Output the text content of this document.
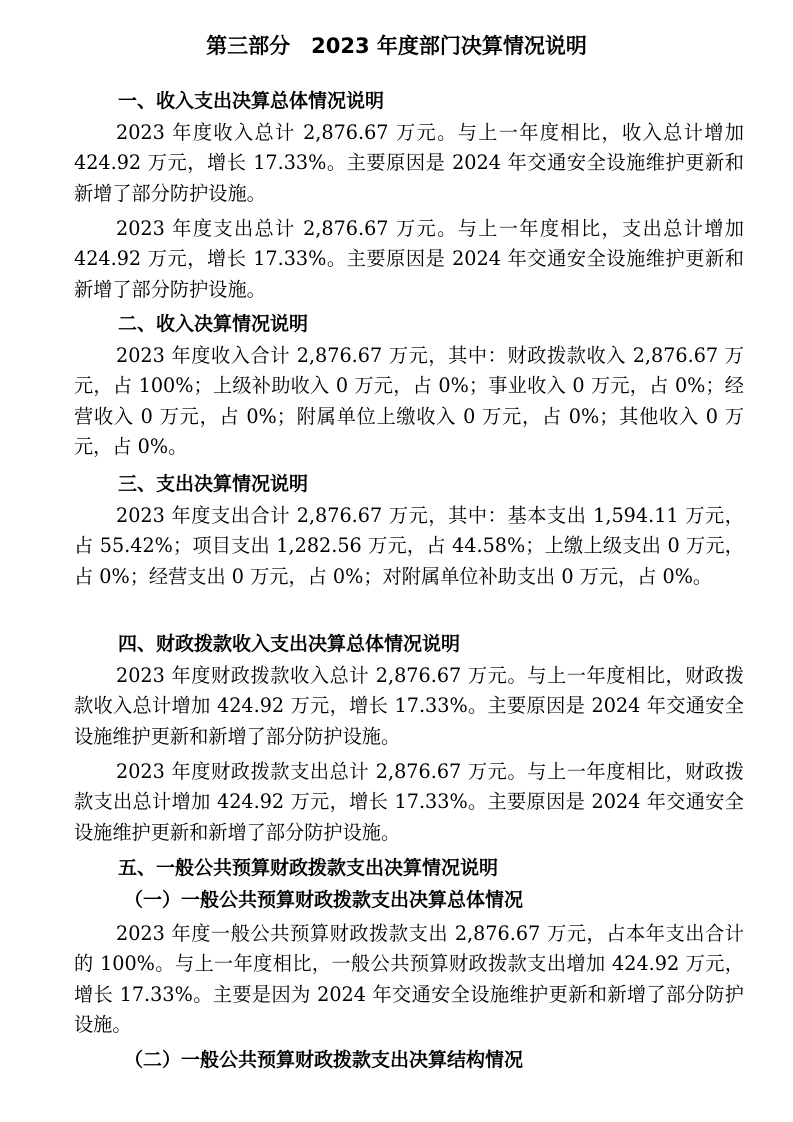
第三部分　2023 年度部门决算情况说明
一、收入支出决算总体情况说明
2023 年度收入总计 2,876.67 万元。与上一年度相比，收入总计增加 424.92 万元，增长 17.33%。主要原因是 2024 年交通安全设施维护更新和新增了部分防护设施。
2023 年度支出总计 2,876.67 万元。与上一年度相比，支出总计增加 424.92 万元，增长 17.33%。主要原因是 2024 年交通安全设施维护更新和新增了部分防护设施。
二、收入决算情况说明
2023 年度收入合计 2,876.67 万元，其中：财政拨款收入 2,876.67 万元，占 100%；上级补助收入 0 万元，占 0%；事业收入 0 万元，占 0%；经营收入 0 万元，占 0%；附属单位上缴收入 0 万元，占 0%；其他收入 0 万元，占 0%。
三、支出决算情况说明
2023 年度支出合计 2,876.67 万元，其中：基本支出 1,594.11 万元，占 55.42%；项目支出 1,282.56 万元，占 44.58%；上缴上级支出 0 万元，占 0%；经营支出 0 万元，占 0%；对附属单位补助支出 0 万元，占 0%。
四、财政拨款收入支出决算总体情况说明
2023 年度财政拨款收入总计 2,876.67 万元。与上一年度相比，财政拨款收入总计增加 424.92 万元，增长 17.33%。主要原因是 2024 年交通安全设施维护更新和新增了部分防护设施。
2023 年度财政拨款支出总计 2,876.67 万元。与上一年度相比，财政拨款支出总计增加 424.92 万元，增长 17.33%。主要原因是 2024 年交通安全设施维护更新和新增了部分防护设施。
五、一般公共预算财政拨款支出决算情况说明
（一）一般公共预算财政拨款支出决算总体情况
2023 年度一般公共预算财政拨款支出 2,876.67 万元，占本年支出合计的 100%。与上一年度相比，一般公共预算财政拨款支出增加 424.92 万元，增长 17.33%。主要是因为 2024 年交通安全设施维护更新和新增了部分防护设施。
（二）一般公共预算财政拨款支出决算结构情况
